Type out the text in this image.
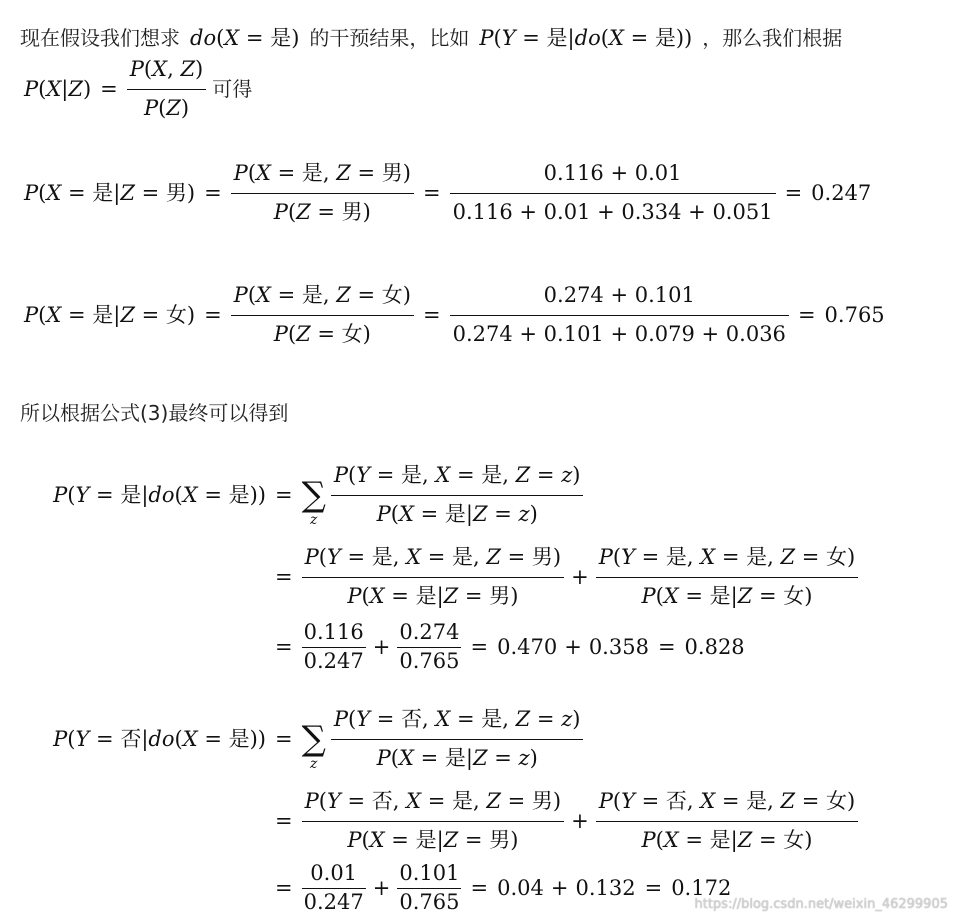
现在假设我们想求 do(X = 是) 的干预结果，比如 P(Y = 是|do(X = 是)) ，那么我们根据
$P(X|Z) = \frac{P(X, Z)}{P(Z)}$ 可得
P(X = 是|Z = 男) = $\frac{\text{P(X = 是, Z = 男)}}{\text{P(Z = 男)}} = \frac{0.116 + 0.01}{0.116 + 0.01 + 0.334 + 0.051} = 0.247$
P(X = 是|Z = 女) = $\frac{\text{P(X = 是, Z = 女)}}{\text{P(Z = 女)}} = \frac{0.274 + 0.101}{0.274 + 0.101 + 0.079 + 0.036} = 0.765$
所以根据公式(3)最终可以得到
P(Y = 是|do(X = 是)) = ∑
z $\frac{\text{P(Y = 是, X = 是, Z = z)}}{\text{P(X = 是|Z = z)}}$
= $\frac{\text{P(Y = 是, X = 是, Z = 男)}}{\text{P(X = 是|Z = 男)}} + \frac{\text{P(Y = 是, X = 是, Z = 女)}}{\text{P(X = 是|Z = 女)}}$
= $\frac{0.116}{0.247} + \frac{0.274}{0.765} = 0.470 + 0.358 = 0.828$
P(Y = 否|do(X = 是)) = ∑
z $\frac{\text{P(Y = 否, X = 是, Z = z)}}{\text{P(X = 是|Z = z)}}$
= $\frac{\text{P(Y = 否, X = 是, Z = 男)}}{\text{P(X = 是|Z = 男)}} + \frac{\text{P(Y = 否, X = 是, Z = 女)}}{\text{P(X = 是|Z = 女)}}$
= $\frac{0.01}{0.247} + \frac{0.101}{0.765} = 0.04 + 0.132 = 0.172$
https://blog.csdn.net/weixin_46299905
